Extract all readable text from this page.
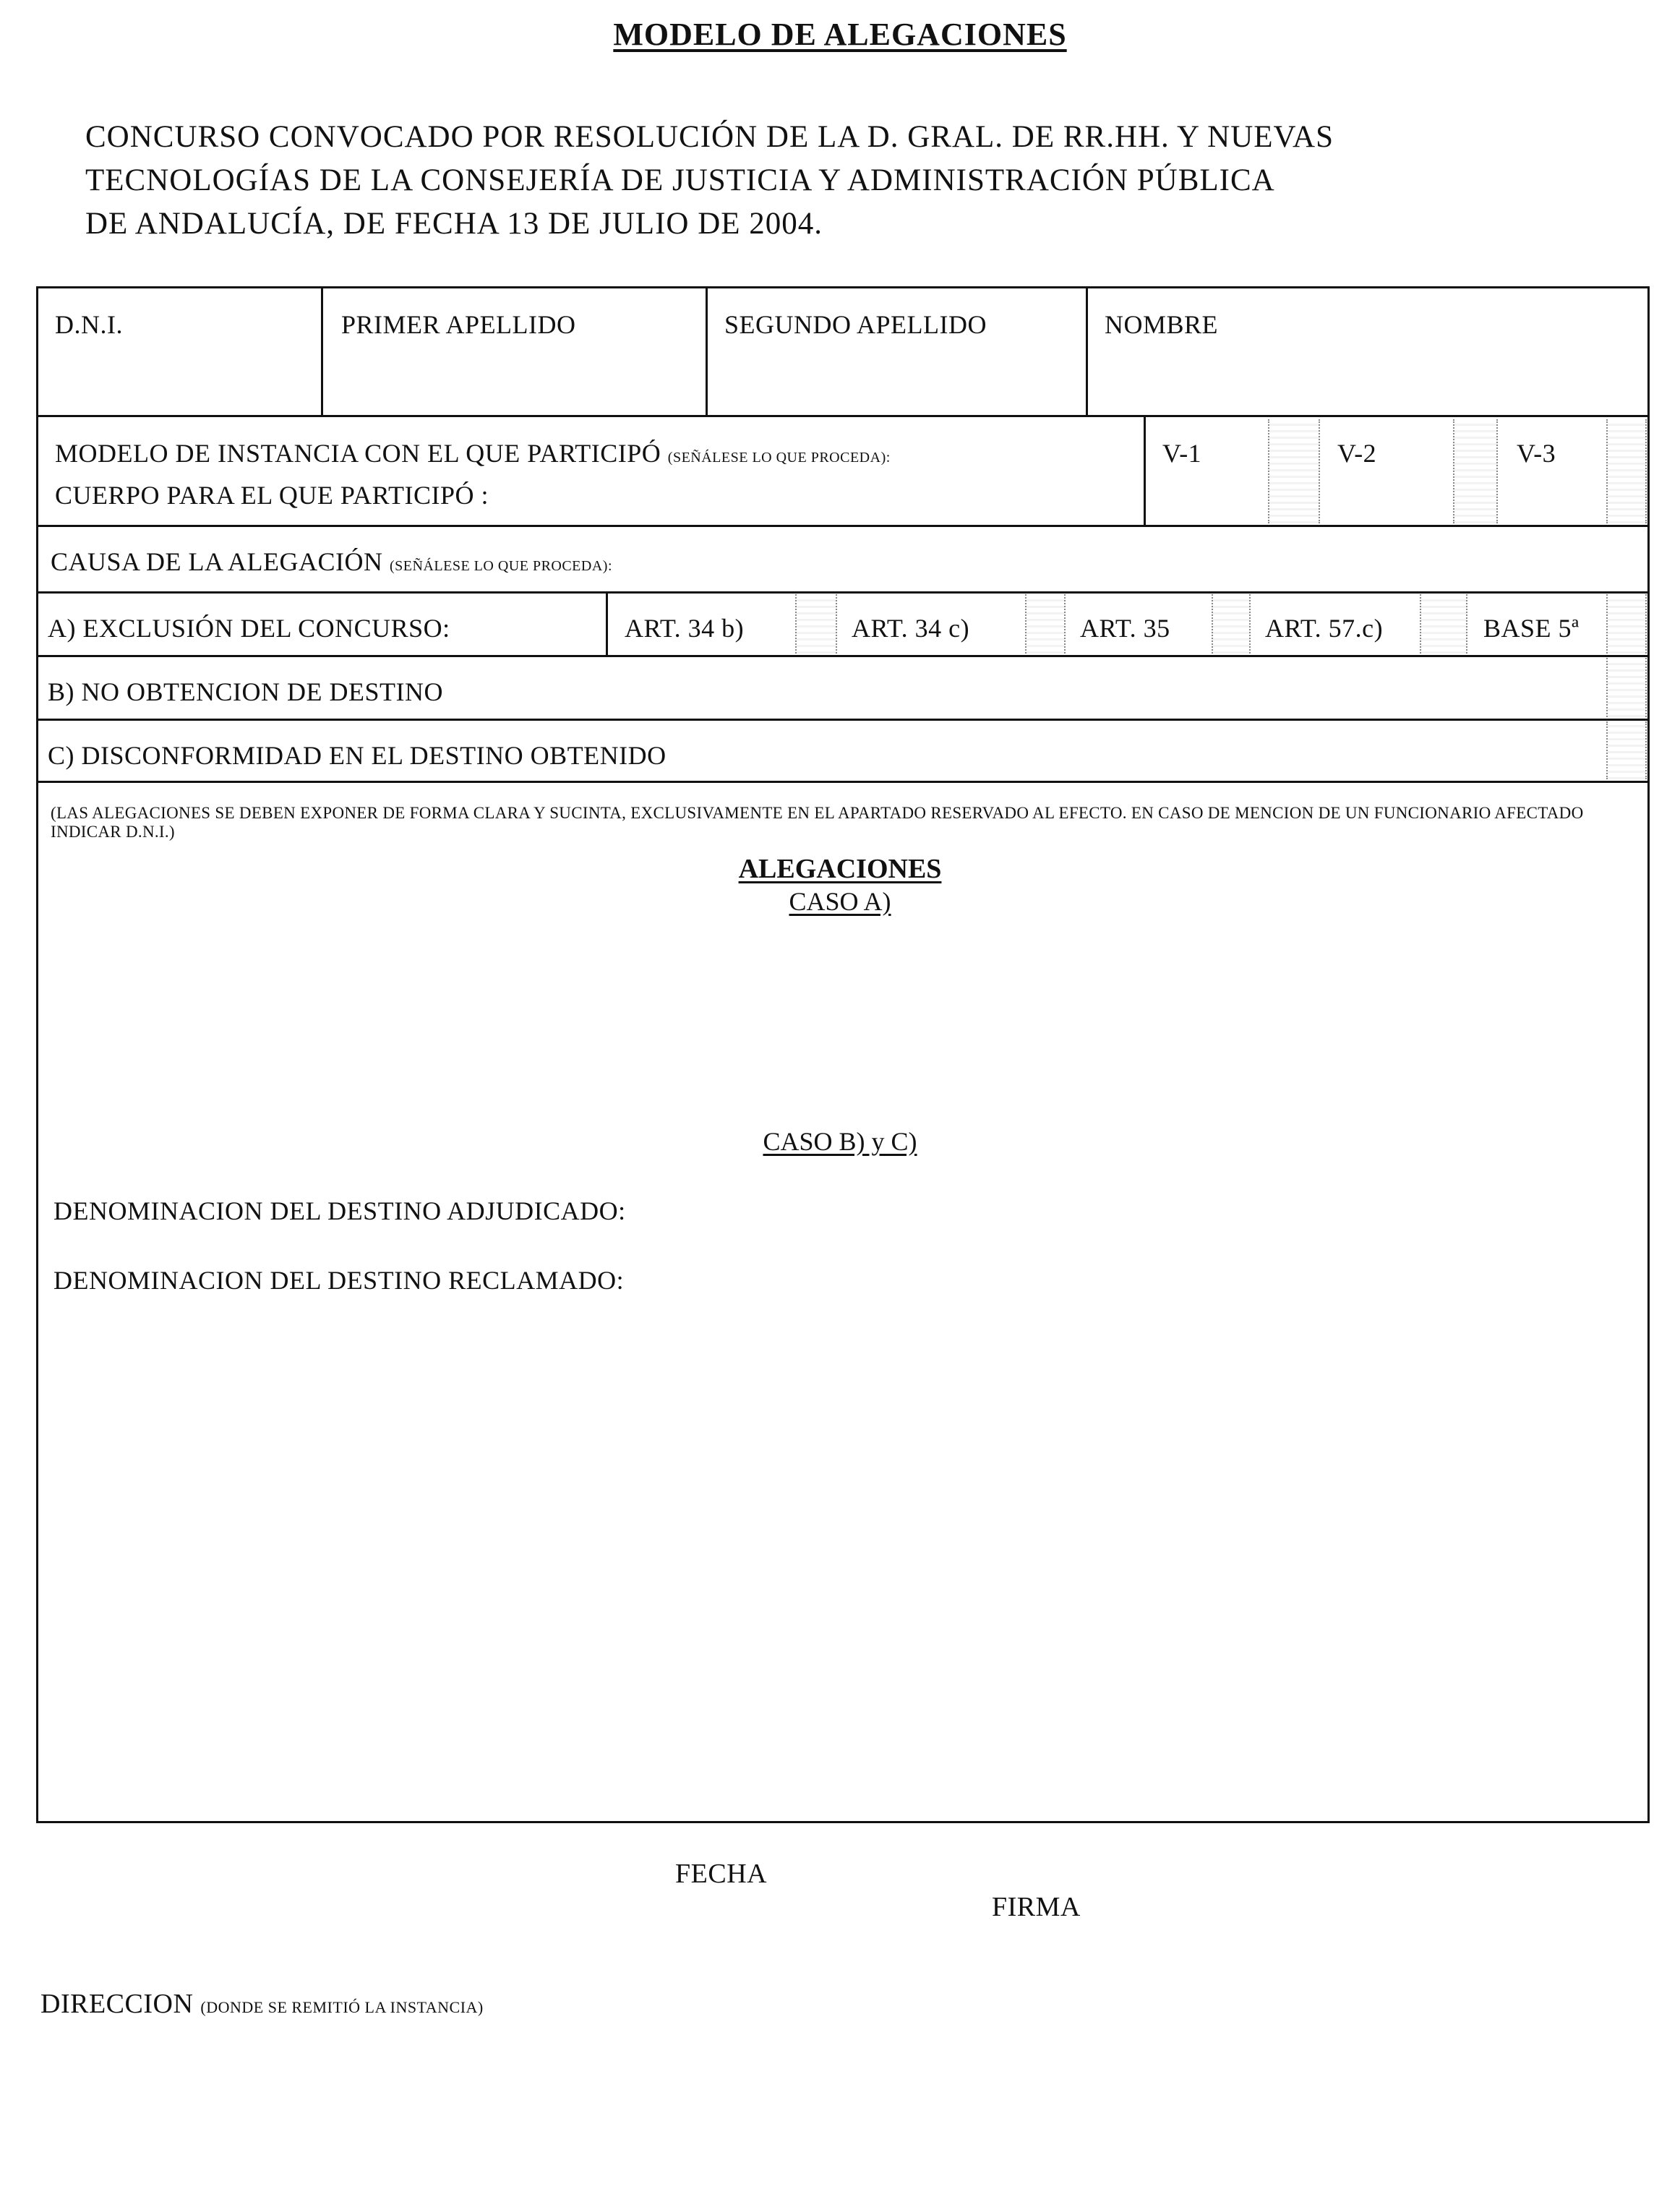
MODELO DE ALEGACIONES
CONCURSO CONVOCADO POR RESOLUCIÓN DE LA D. GRAL. DE RR.HH. Y NUEVAS
TECNOLOGÍAS DE LA CONSEJERÍA DE JUSTICIA Y ADMINISTRACIÓN PÚBLICA
DE ANDALUCÍA, DE FECHA 13 DE JULIO DE 2004.
D.N.I.	PRIMER APELLIDO	SEGUNDO APELLIDO	NOMBRE
MODELO DE INSTANCIA CON EL QUE PARTICIPÓ (SEÑÁLESE LO QUE PROCEDA):
CUERPO PARA EL QUE PARTICIPÓ :
V-1	V-2	V-3
CAUSA DE LA ALEGACIÓN (SEÑÁLESE LO QUE PROCEDA):
A) EXCLUSIÓN DEL CONCURSO:	ART. 34 b)	ART. 34 c)	ART. 35	ART. 57.c)	BASE 5ª
B) NO OBTENCION DE DESTINO
C) DISCONFORMIDAD EN EL DESTINO OBTENIDO
(LAS ALEGACIONES SE DEBEN EXPONER DE FORMA CLARA Y SUCINTA, EXCLUSIVAMENTE EN EL APARTADO RESERVADO AL EFECTO. EN CASO DE MENCION DE UN FUNCIONARIO AFECTADO INDICAR D.N.I.)
ALEGACIONES
CASO A)
CASO B) y C)
DENOMINACION DEL DESTINO ADJUDICADO:
DENOMINACION DEL DESTINO RECLAMADO:
FECHA
FIRMA
DIRECCION (DONDE SE REMITIÓ LA INSTANCIA)
